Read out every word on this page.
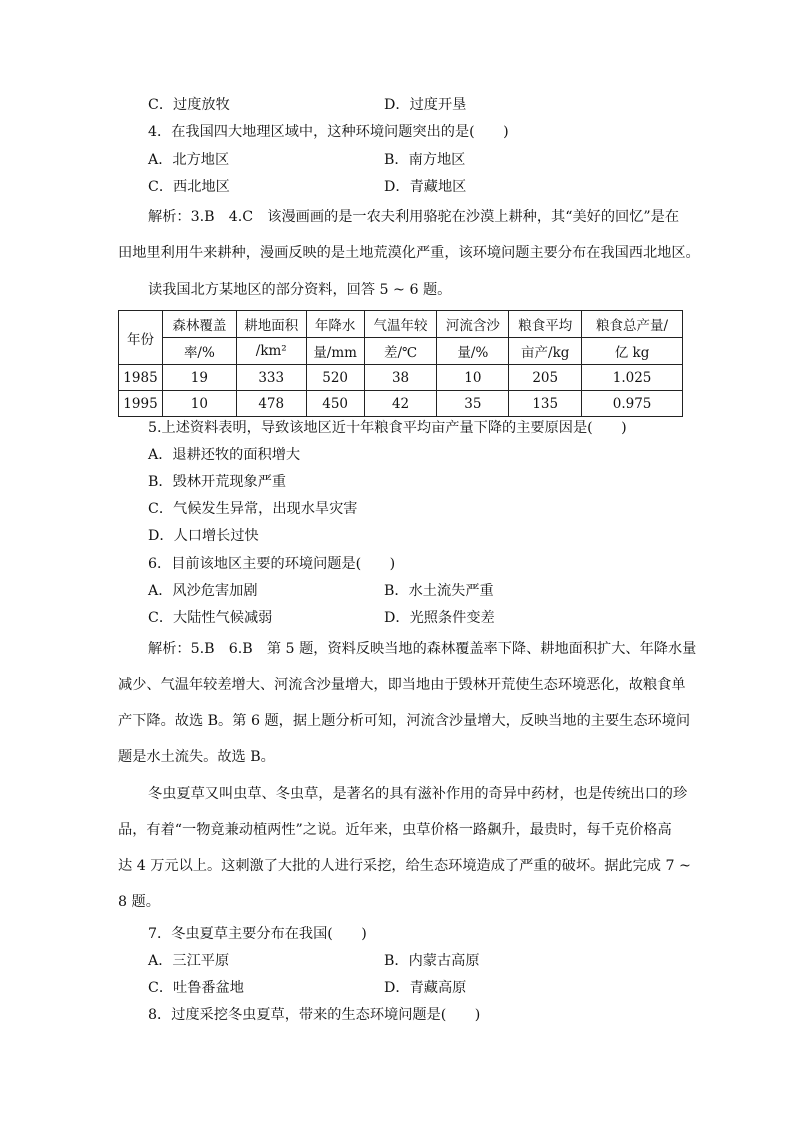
C．过度放牧	D．过度开垦
4．在我国四大地理区域中，这种环境问题突出的是(　　)
A．北方地区	B．南方地区
C．西北地区	D．青藏地区
解析：3.B　4.C　该漫画画的是一农夫利用骆驼在沙漠上耕种，其“美好的回忆”是在
田地里利用牛来耕种，漫画反映的是土地荒漠化严重，该环境问题主要分布在我国西北地区。
读我国北方某地区的部分资料，回答 5 ~ 6 题。
年份	森林覆盖	耕地面积	年降水	气温年较	河流含沙	粮食平均	粮食总产量/
	率/%	/km²	量/mm	差/℃	量/%	亩产/kg	亿 kg
1985	19	333	520	38	10	205	1.025
1995	10	478	450	42	35	135	0.975
5.上述资料表明，导致该地区近十年粮食平均亩产量下降的主要原因是(　　)
A．退耕还牧的面积增大
B．毁林开荒现象严重
C．气候发生异常，出现水旱灾害
D．人口增长过快
6．目前该地区主要的环境问题是(　　)
A．风沙危害加剧	B．水土流失严重
C．大陆性气候减弱	D．光照条件变差
解析：5.B　6.B　第 5 题，资料反映当地的森林覆盖率下降、耕地面积扩大、年降水量
减少、气温年较差增大、河流含沙量增大，即当地由于毁林开荒使生态环境恶化，故粮食单
产下降。故选 B。第 6 题，据上题分析可知，河流含沙量增大，反映当地的主要生态环境问
题是水土流失。故选 B。
冬虫夏草又叫虫草、冬虫草，是著名的具有滋补作用的奇异中药材，也是传统出口的珍
品，有着“一物竟兼动植两性”之说。近年来，虫草价格一路飙升，最贵时，每千克价格高
达 4 万元以上。这刺激了大批的人进行采挖，给生态环境造成了严重的破坏。据此完成 7 ~
8 题。
7．冬虫夏草主要分布在我国(　　)
A．三江平原	B．内蒙古高原
C．吐鲁番盆地	D．青藏高原
8．过度采挖冬虫夏草，带来的生态环境问题是(　　)
